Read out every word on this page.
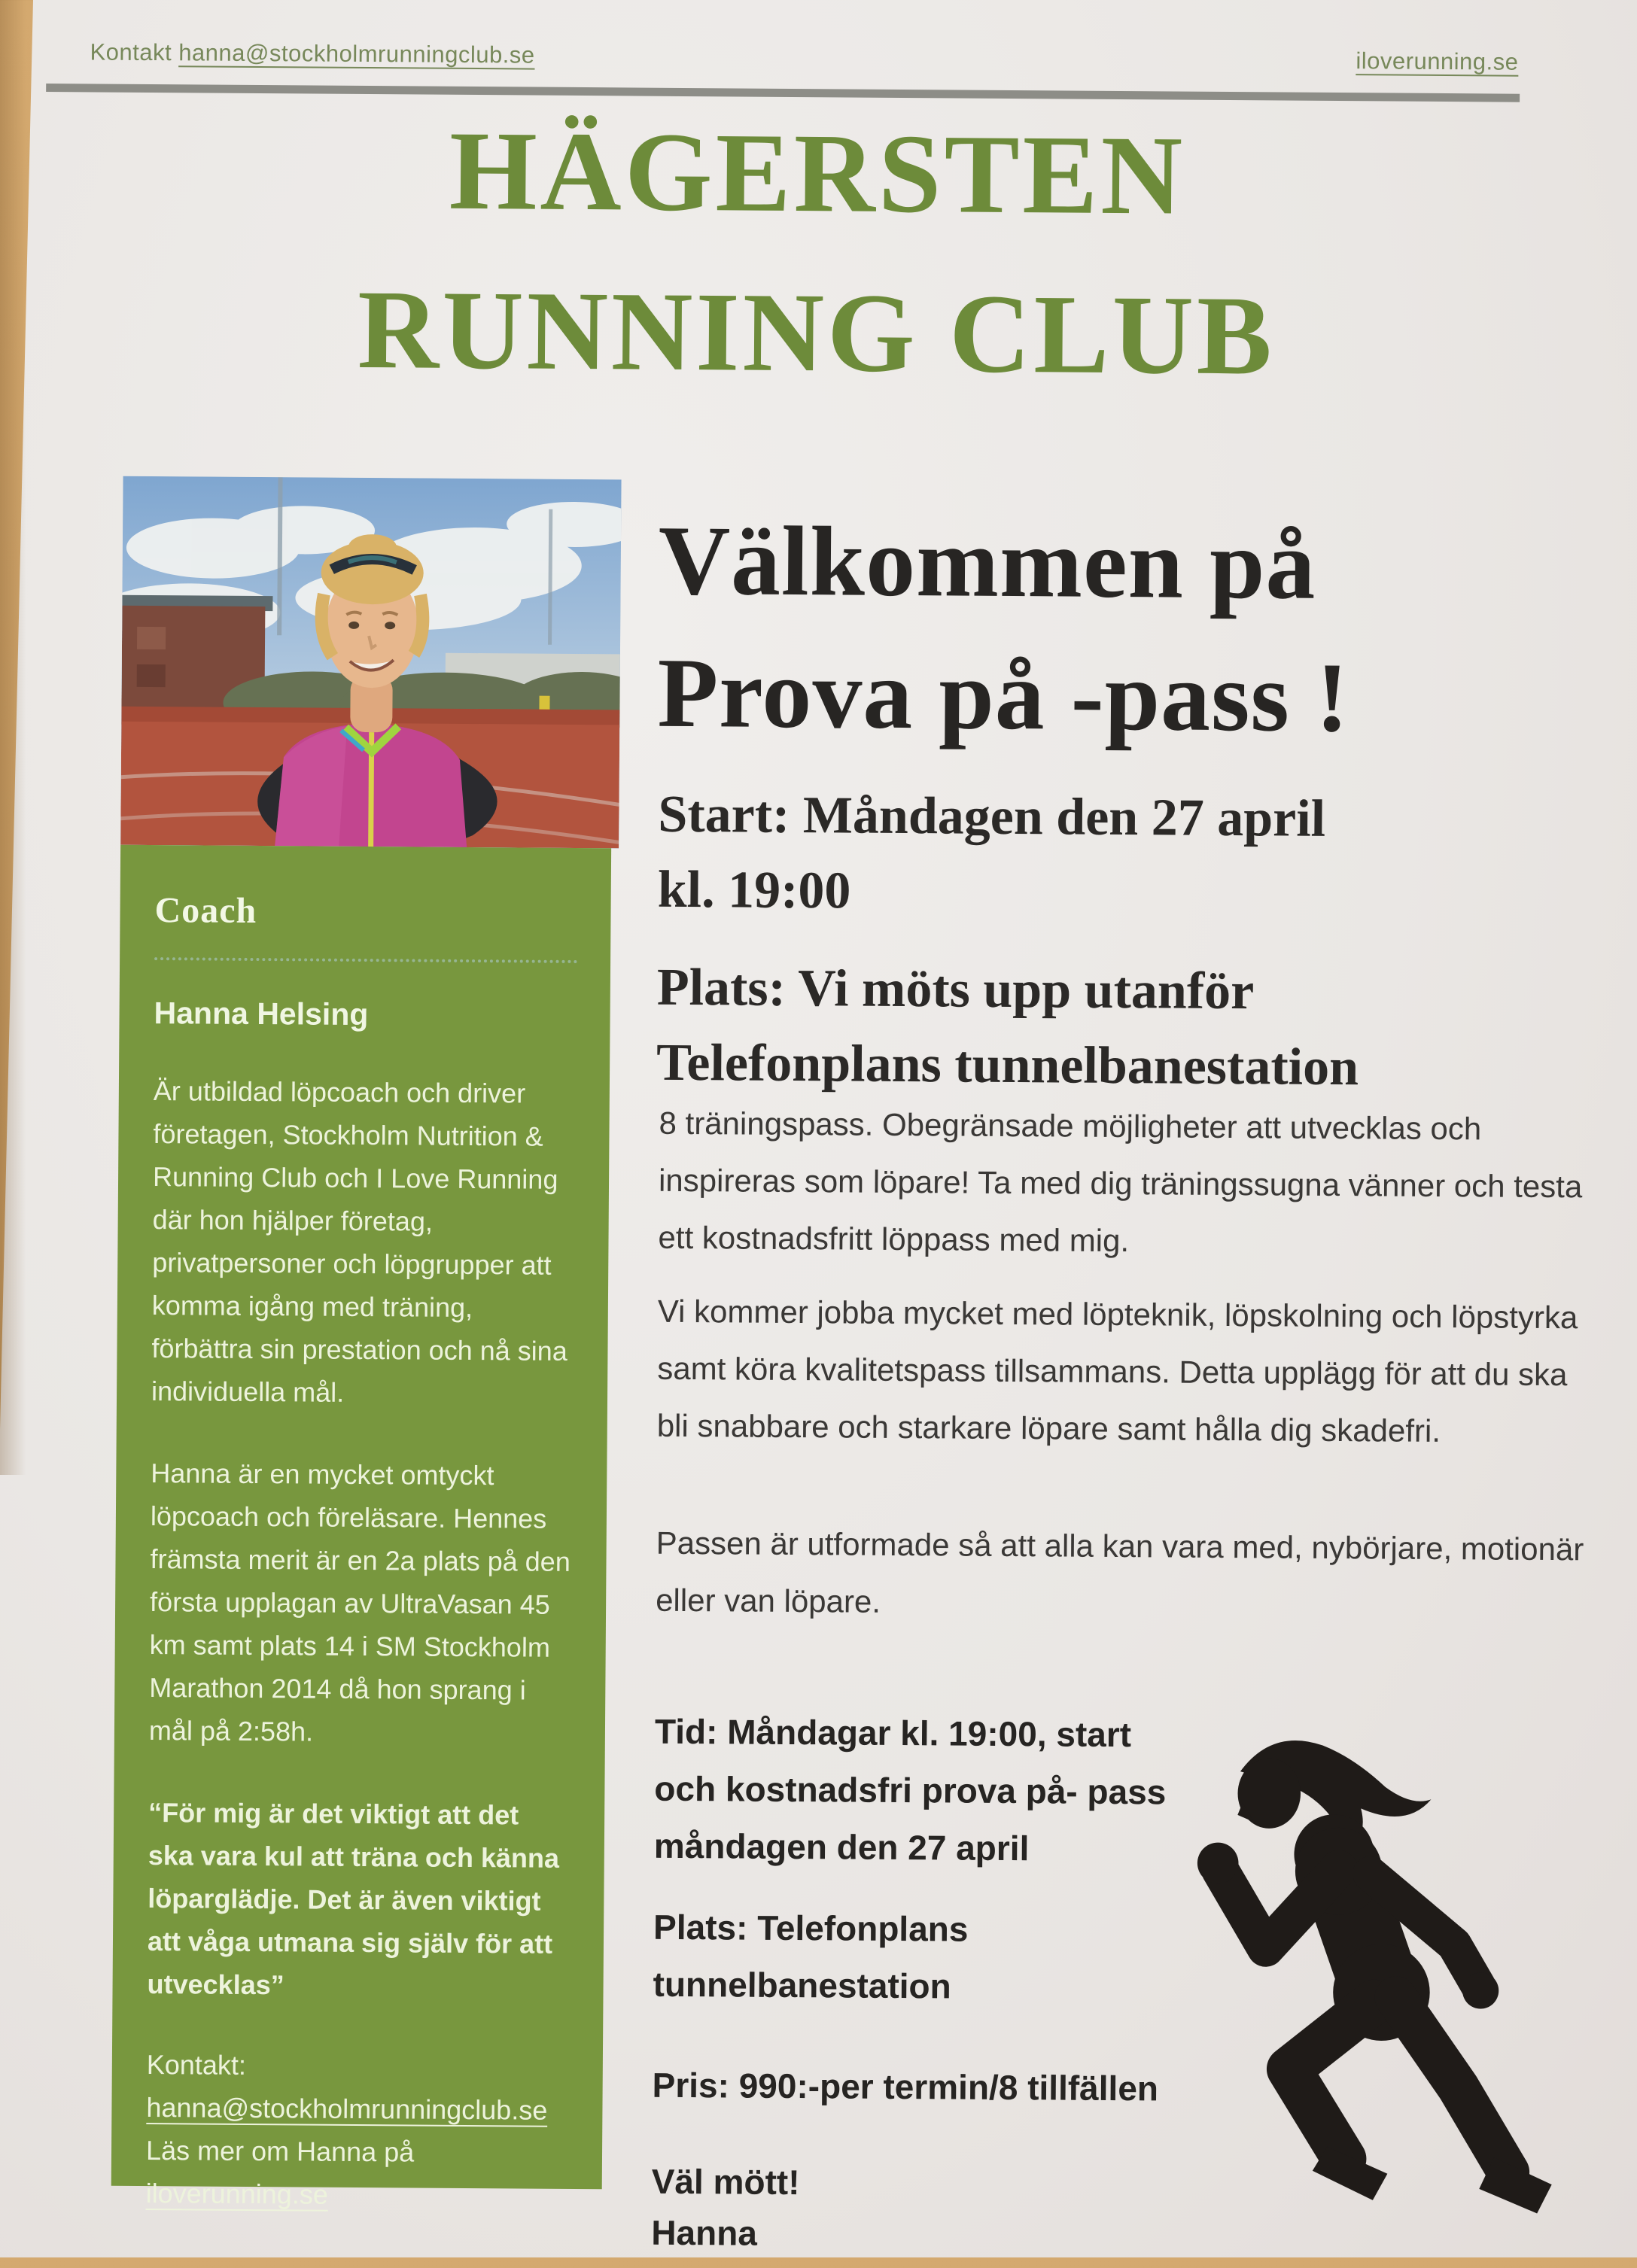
Kontakt hanna@stockholmrunningclub.se	iloverunning.se
HÄGERSTEN
RUNNING CLUB
Coach

Hanna Helsing

Är utbildad löpcoach och driver företagen, Stockholm Nutrition & Running Club och I Love Running där hon hjälper företag, privatpersoner och löpgrupper att komma igång med träning, förbättra sin prestation och nå sina individuella mål.

Hanna är en mycket omtyckt löpcoach och föreläsare. Hennes främsta merit är en 2a plats på den första upplagan av UltraVasan 45 km samt plats 14 i SM Stockholm Marathon 2014 då hon sprang i mål på 2:58h.

“För mig är det viktigt att det ska vara kul att träna och känna löparglädje. Det är även viktigt att våga utmana sig själv för att utvecklas”

Kontakt:
hanna@stockholmrunningclub.se
Läs mer om Hanna på
iloverunning.se

Välkommen på
Prova på -pass !
Start: Måndagen den 27 april
kl. 19:00
Plats: Vi möts upp utanför
Telefonplans tunnelbanestation

8 träningspass. Obegränsade möjligheter att utvecklas och inspireras som löpare! Ta med dig träningssugna vänner och testa ett kostnadsfritt löppass med mig.

Vi kommer jobba mycket med löpteknik, löpskolning och löpstyrka samt köra kvalitetspass tillsammans. Detta upplägg för att du ska bli snabbare och starkare löpare samt hålla dig skadefri.

Passen är utformade så att alla kan vara med, nybörjare, motionär eller van löpare.

Tid: Måndagar kl. 19:00, start
och kostnadsfri prova på- pass
måndagen den 27 april

Plats: Telefonplans
tunnelbanestation

Pris: 990:-per termin/8 tillfällen

Väl mött!

Hanna
